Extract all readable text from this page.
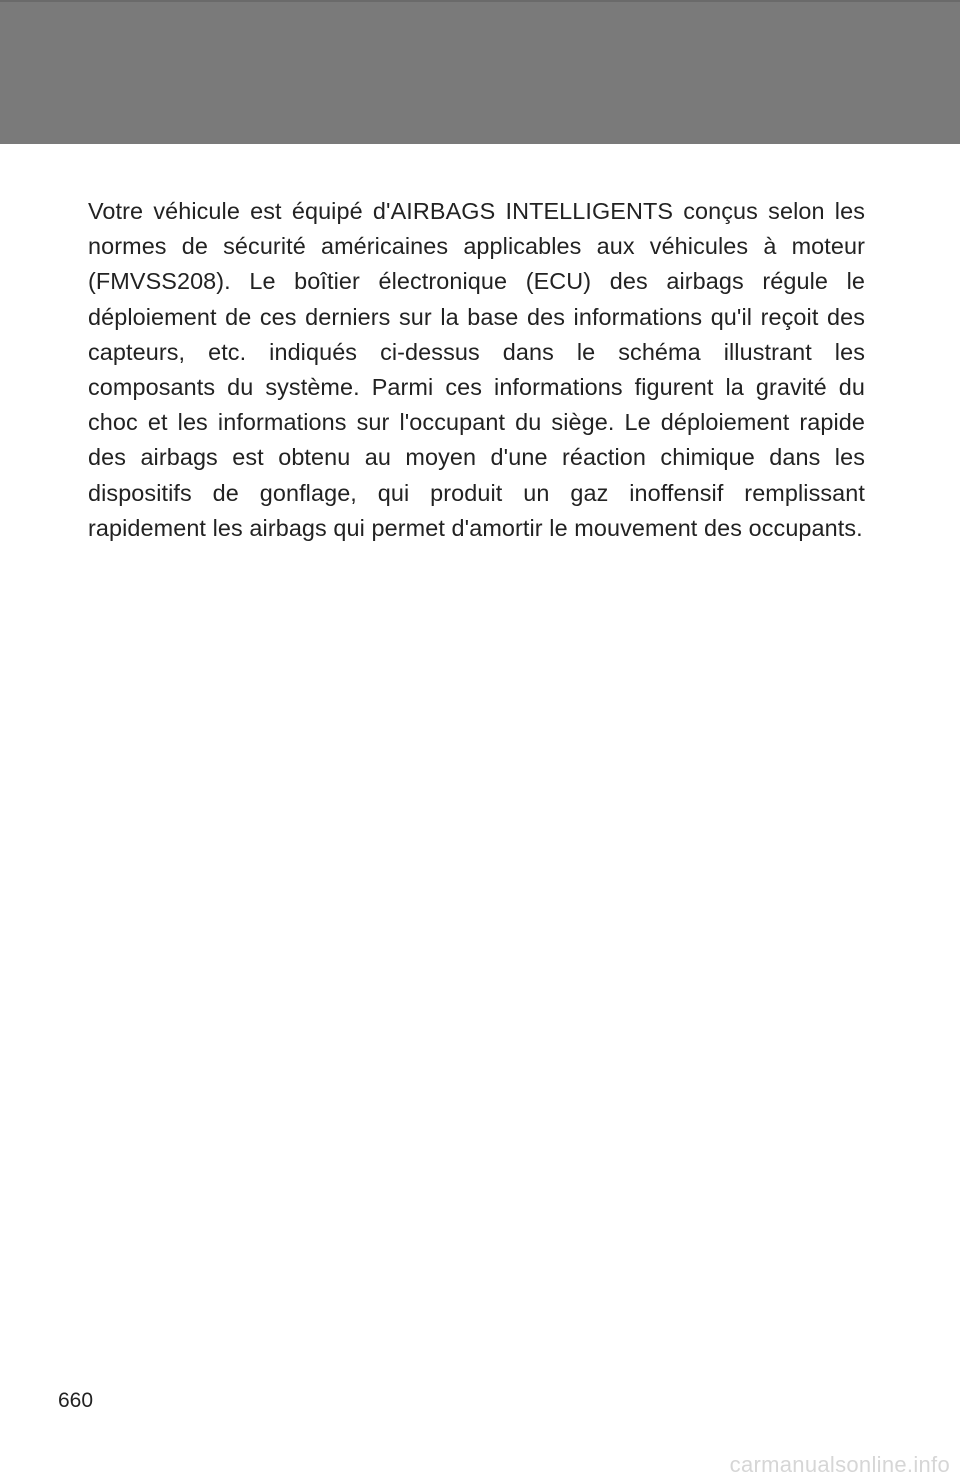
Votre véhicule est équipé d'AIRBAGS INTELLIGENTS conçus selon les normes de sécurité américaines applicables aux véhicules à moteur (FMVSS208). Le boîtier électronique (ECU) des airbags régule le déploiement de ces derniers sur la base des informations qu'il reçoit des capteurs, etc. indiqués ci-dessus dans le schéma illustrant les composants du système. Parmi ces informations figurent la gravité du choc et les informations sur l'occupant du siège. Le déploiement rapide des airbags est obtenu au moyen d'une réaction chimique dans les dispositifs de gonflage, qui produit un gaz inoffensif remplissant rapidement les airbags qui permet d'amortir le mouvement des occupants.

660
carmanualsonline.info
